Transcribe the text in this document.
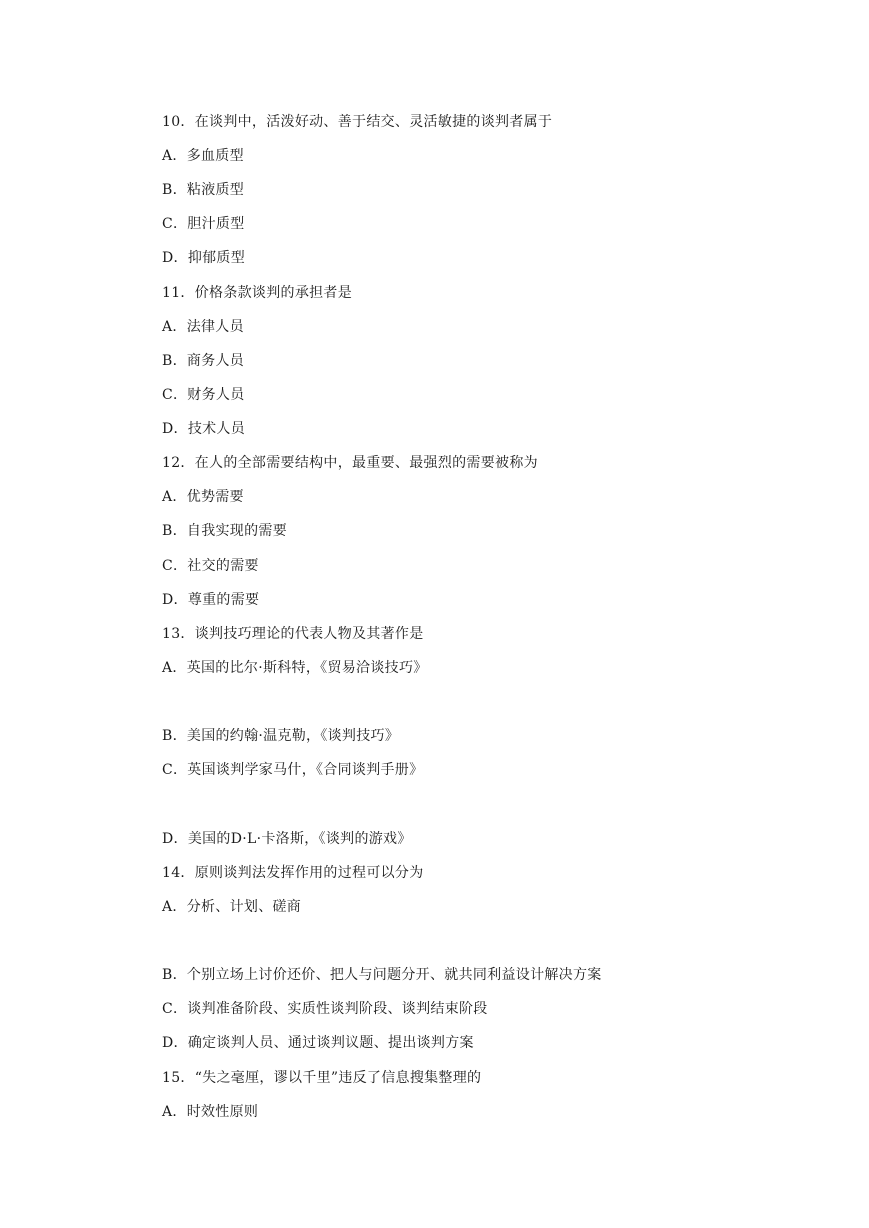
10．在谈判中，活泼好动、善于结交、灵活敏捷的谈判者属于
A．多血质型
B．粘液质型
C．胆汁质型
D．抑郁质型
11．价格条款谈判的承担者是
A．法律人员
B．商务人员
C．财务人员
D．技术人员
12．在人的全部需要结构中，最重要、最强烈的需要被称为
A．优势需要
B．自我实现的需要
C．社交的需要
D．尊重的需要
13．谈判技巧理论的代表人物及其著作是
A．英国的比尔·斯科特，《贸易洽谈技巧》
B．美国的约翰·温克勒，《谈判技巧》
C．英国谈判学家马什，《合同谈判手册》
D．美国的D·L·卡洛斯，《谈判的游戏》
14．原则谈判法发挥作用的过程可以分为
A．分析、计划、磋商
B．个别立场上讨价还价、把人与问题分开、就共同利益设计解决方案
C．谈判准备阶段、实质性谈判阶段、谈判结束阶段
D．确定谈判人员、通过谈判议题、提出谈判方案
15．“失之毫厘，谬以千里”违反了信息搜集整理的
A．时效性原则
